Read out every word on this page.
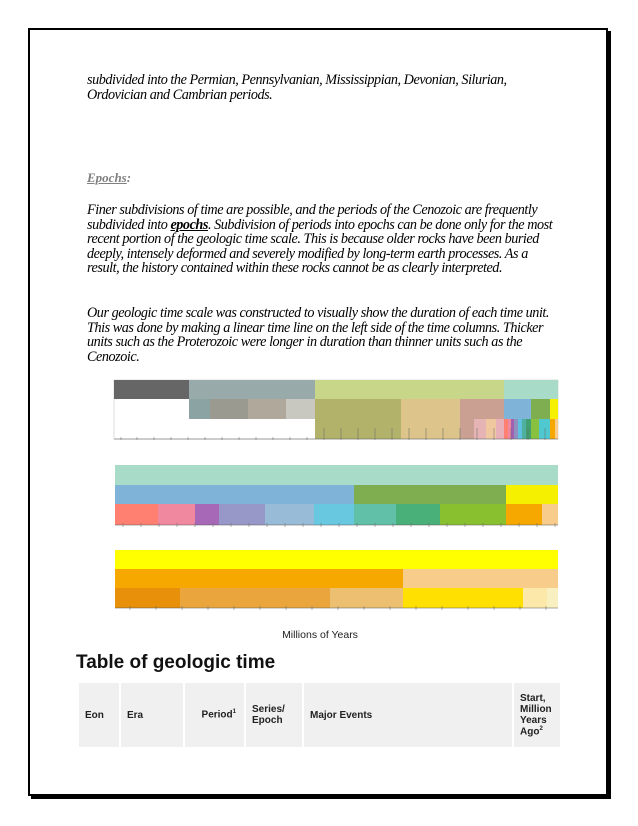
subdivided into the Permian, Pennsylvanian, Mississippian, Devonian, Silurian, Ordovician and Cambrian periods.

Epochs:

Finer subdivisions of time are possible, and the periods of the Cenozoic are frequently subdivided into epochs. Subdivision of periods into epochs can be done only for the most recent portion of the geologic time scale. This is because older rocks have been buried deeply, intensely deformed and severely modified by long-term earth processes. As a result, the history contained within these rocks cannot be as clearly interpreted.

Our geologic time scale was constructed to visually show the duration of each time unit. This was done by making a linear time line on the left side of the time columns. Thicker units such as the Proterozoic were longer in duration than thinner units such as the Cenozoic.

Millions of Years
Table of geologic time
Eon	Era	Period$^1$	Series/ Epoch	Major Events	Start, Million Years Ago$^2$
